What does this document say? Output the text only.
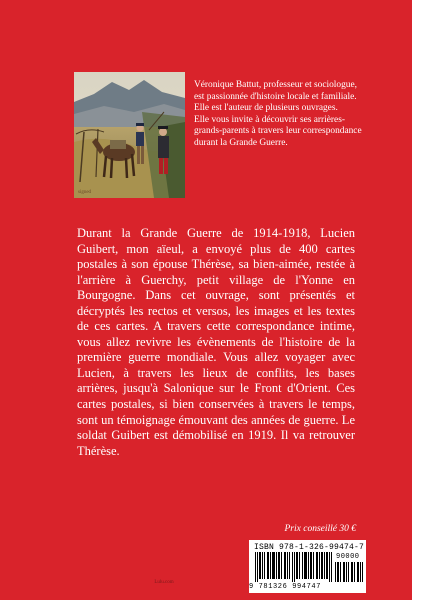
signed

Véronique Battut, professeur et sociologue, est passionnée d'histoire locale et familiale.

Elle est l'auteur de plusieurs ouvrages.

Elle vous invite à découvrir ses arrières-grands-parents à travers leur correspondance durant la Grande Guerre.

Durant la Grande Guerre de 1914-1918, Lucien Guibert, mon aïeul, a envoyé plus de 400 cartes postales à son épouse Thérèse, sa bien-aimée, restée à l'arrière à Guerchy, petit village de l'Yonne en Bourgogne. Dans cet ouvrage, sont présentés et décryptés les rectos et versos, les images et les textes de ces cartes. A travers cette correspondance intime, vous allez revivre les évènements de l'histoire de la première guerre mondiale. Vous allez voyager avec Lucien, à travers les lieux de conflits, les bases arrières, jusqu'à Salonique sur le Front d'Orient. Ces cartes postales, si bien conservées à travers le temps, sont un témoignage émouvant des années de guerre. Le soldat Guibert est démobilisé en 1919. Il va retrouver Thérèse.
Prix conseillé 30 €
ISBN 978-1-326-99474-7
90000
9 781326 994747
Lulu.com
